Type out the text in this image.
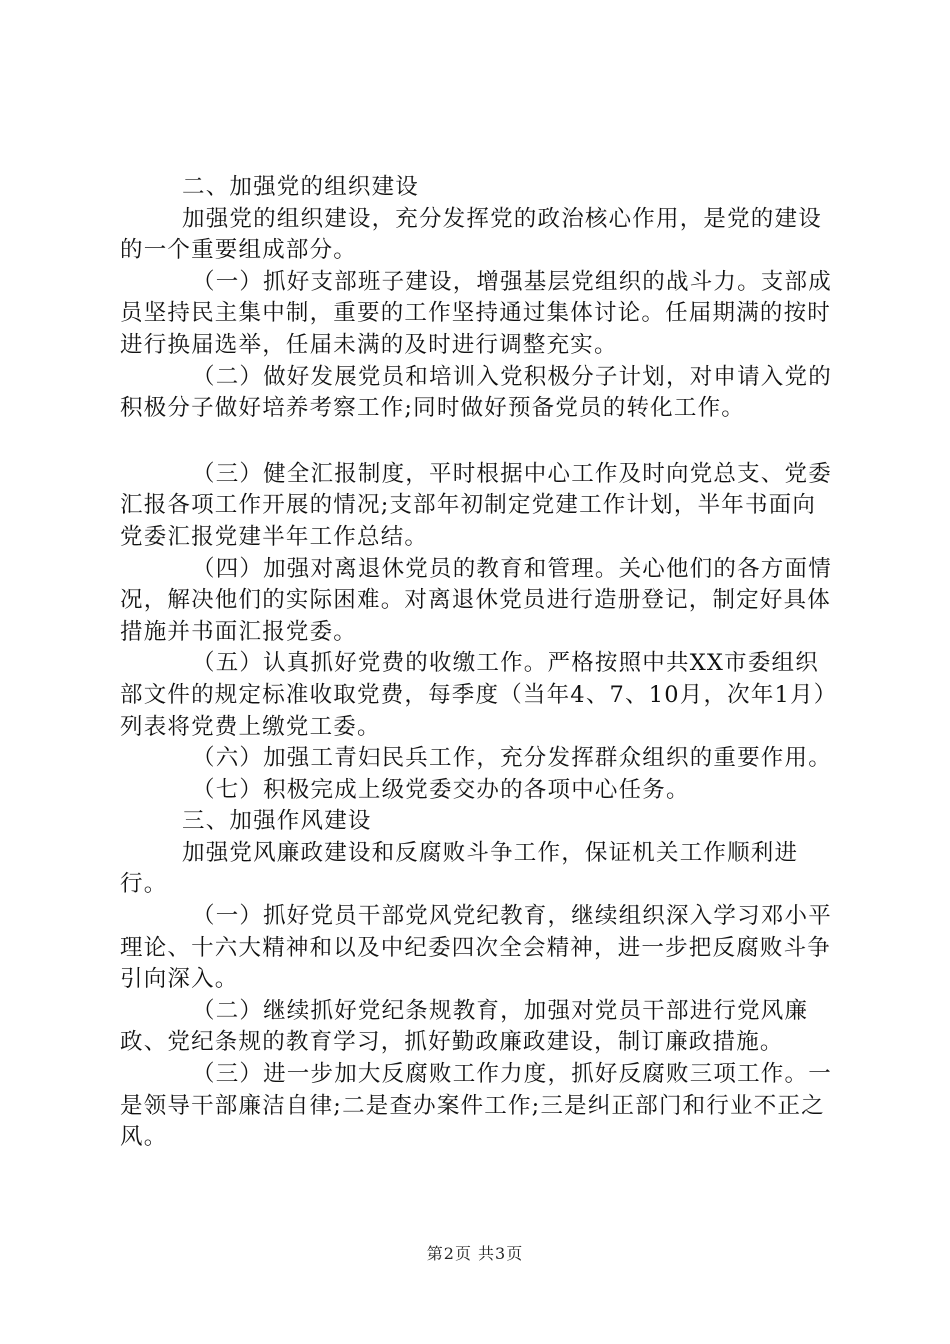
二、加强党的组织建设

加强党的组织建设，充分发挥党的政治核心作用，是党的建设的一个重要组成部分。

（一）抓好支部班子建设，增强基层党组织的战斗力。支部成员坚持民主集中制，重要的工作坚持通过集体讨论。任届期满的按时进行换届选举，任届未满的及时进行调整充实。

（二）做好发展党员和培训入党积极分子计划，对申请入党的积极分子做好培养考察工作;同时做好预备党员的转化工作。

（三）健全汇报制度，平时根据中心工作及时向党总支、党委汇报各项工作开展的情况;支部年初制定党建工作计划，半年书面向党委汇报党建半年工作总结。

（四）加强对离退休党员的教育和管理。关心他们的各方面情况，解决他们的实际困难。对离退休党员进行造册登记，制定好具体措施并书面汇报党委。

（五）认真抓好党费的收缴工作。严格按照中共XX市委组织部文件的规定标准收取党费，每季度（当年4、7、10月，次年1月）列表将党费上缴党工委。

（六）加强工青妇民兵工作，充分发挥群众组织的重要作用。

（七）积极完成上级党委交办的各项中心任务。

三、加强作风建设

加强党风廉政建设和反腐败斗争工作，保证机关工作顺利进行。

（一）抓好党员干部党风党纪教育，继续组织深入学习邓小平理论、十六大精神和以及中纪委四次全会精神，进一步把反腐败斗争引向深入。

（二）继续抓好党纪条规教育，加强对党员干部进行党风廉政、党纪条规的教育学习，抓好勤政廉政建设，制订廉政措施。

（三）进一步加大反腐败工作力度，抓好反腐败三项工作。一是领导干部廉洁自律;二是查办案件工作;三是纠正部门和行业不正之风。

第2页 共3页
